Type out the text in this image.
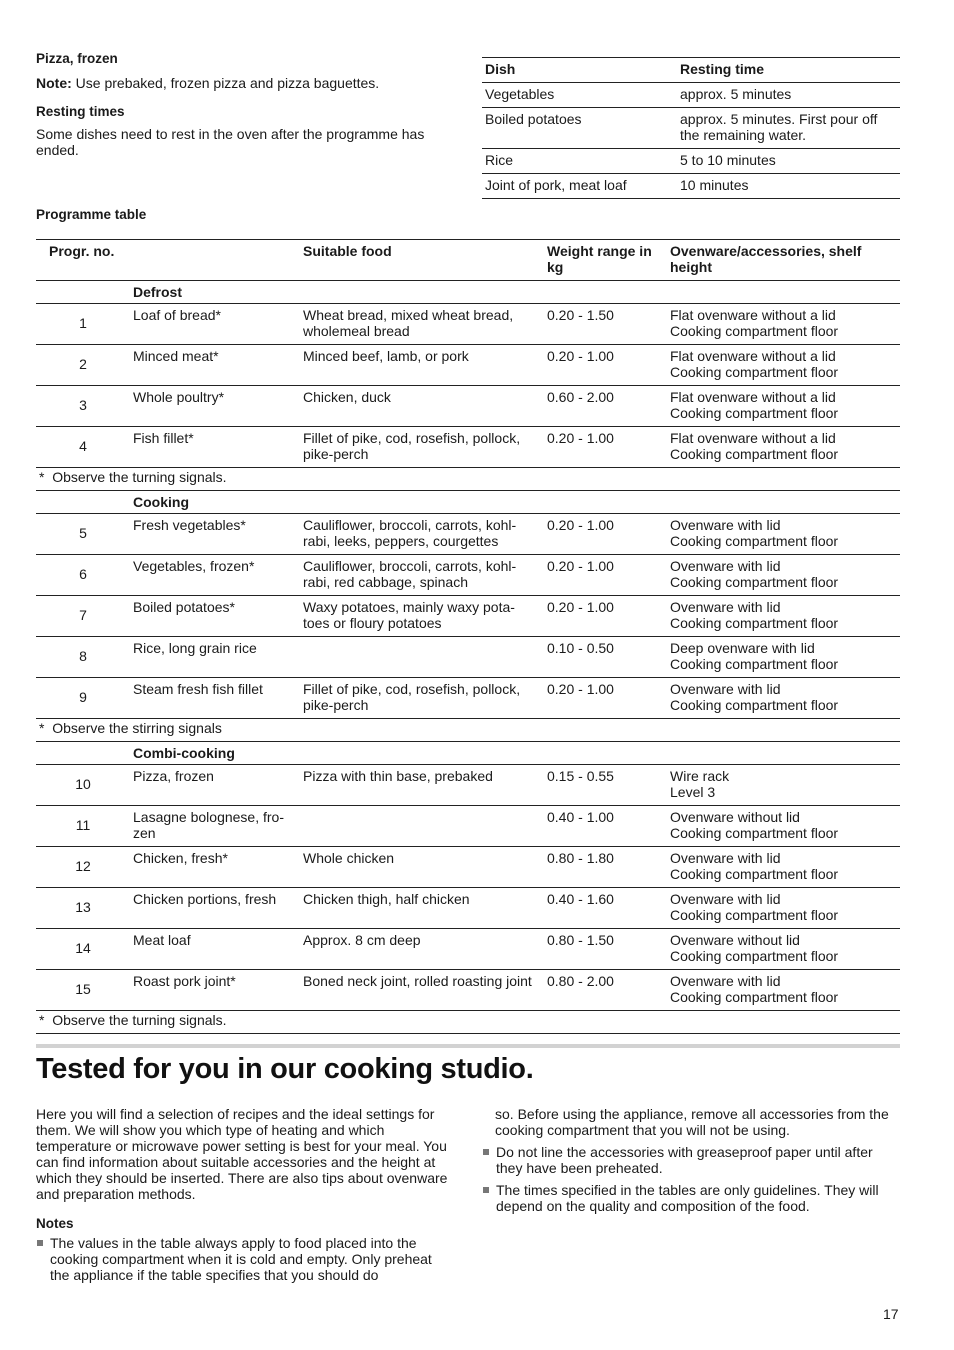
Pizza, frozen

Note: Use prebaked, frozen pizza and pizza baguettes.

Resting times

Some dishes need to rest in the oven after the programme has ended.

Dish	Resting time
Vegetables	approx. 5 minutes
Boiled potatoes	approx. 5 minutes. First pour off the remaining water.
Rice	5 to 10 minutes
Joint of pork, meat loaf	10 minutes
Programme table
Progr. no.		Suitable food	Weight range in kg	Ovenware/accessories, shelf height
	Defrost			
1	Loaf of bread*	Wheat bread, mixed wheat bread, wholemeal bread	0.20 - 1.50	Flat ovenware without a lid
Cooking compartment floor

2	Minced meat*	Minced beef, lamb, or pork	0.20 - 1.00	Flat ovenware without a lid
Cooking compartment floor

3	Whole poultry*	Chicken, duck	0.60 - 2.00	Flat ovenware without a lid
Cooking compartment floor

4	Fish fillet*	Fillet of pike, cod, rosefish, pollock, pike-perch	0.20 - 1.00	Flat ovenware without a lid
Cooking compartment floor

*  Observe the turning signals.				
	Cooking			
5	Fresh vegetables*	Cauliflower, broccoli, carrots, kohl-rabi, leeks, peppers, courgettes	0.20 - 1.00	Ovenware with lid
Cooking compartment floor

6	Vegetables, frozen*	Cauliflower, broccoli, carrots, kohl-rabi, red cabbage, spinach	0.20 - 1.00	Ovenware with lid
Cooking compartment floor

7	Boiled potatoes*	Waxy potatoes, mainly waxy pota-toes or floury potatoes	0.20 - 1.00	Ovenware with lid
Cooking compartment floor

8	Rice, long grain rice		0.10 - 0.50	Deep ovenware with lid
Cooking compartment floor

9	Steam fresh fish fillet	Fillet of pike, cod, rosefish, pollock, pike-perch	0.20 - 1.00	Ovenware with lid
Cooking compartment floor

*  Observe the stirring signals				
	Combi-cooking			
10	Pizza, frozen	Pizza with thin base, prebaked	0.15 - 0.55	Wire rack
Level 3

11	Lasagne bolognese, fro-zen		0.40 - 1.00	Ovenware without lid
Cooking compartment floor

12	Chicken, fresh*	Whole chicken	0.80 - 1.80	Ovenware with lid
Cooking compartment floor

13	Chicken portions, fresh	Chicken thigh, half chicken	0.40 - 1.60	Ovenware with lid
Cooking compartment floor

14	Meat loaf	Approx. 8 cm deep	0.80 - 1.50	Ovenware without lid
Cooking compartment floor

15	Roast pork joint*	Boned neck joint, rolled roasting joint	0.80 - 2.00	Ovenware with lid
Cooking compartment floor

*  Observe the turning signals.				
Tested for you in our cooking studio.

Here you will find a selection of recipes and the ideal settings for them. We will show you which type of heating and which temperature or microwave power setting is best for your meal. You can find information about suitable accessories and the height at which they should be inserted. There are also tips about ovenware and preparation methods.

Notes

The values in the table always apply to food placed into the cooking compartment when it is cold and empty. Only preheat the appliance if the table specifies that you should do
so. Before using the appliance, remove all accessories from the cooking compartment that you will not be using.
Do not line the accessories with greaseproof paper until after they have been preheated.
The times specified in the tables are only guidelines. They will depend on the quality and composition of the food.
17
